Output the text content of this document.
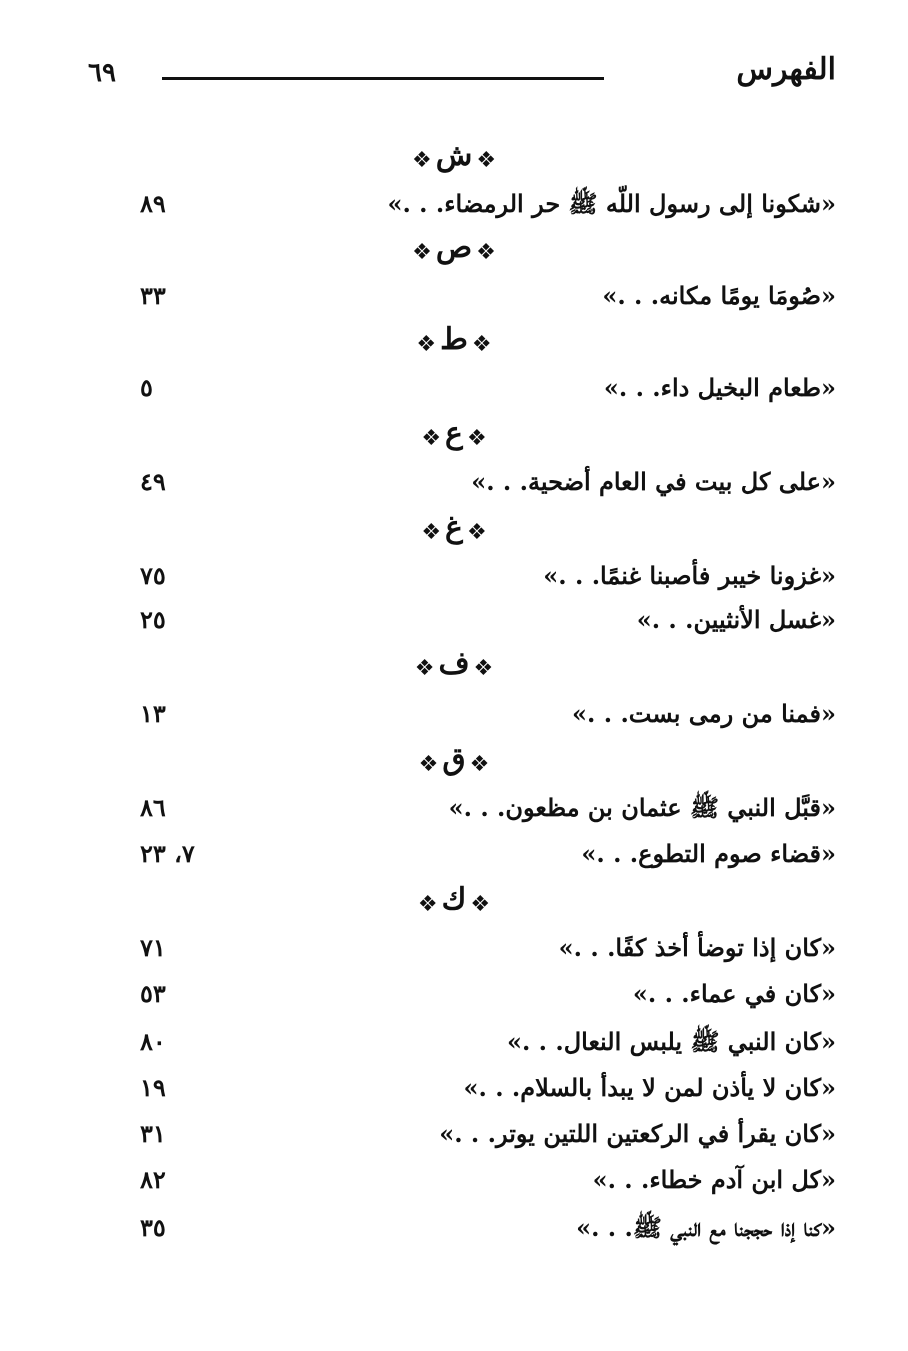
الفهرس
٦٩
❖ ش ❖
«شكونا إلى رسول اللّه ﷺ حر الرمضاء. . .»
٨٩
❖ ص ❖
«صُومَا يومًا مكانه. . .»
٣٣
❖ ط ❖
«طعام البخيل داء. . .»
٥
❖ ع ❖
«على كل بيت في العام أضحية. . .»
٤٩
❖ غ ❖
«غزونا خيبر فأصبنا غنمًا. . .»
٧٥
«غسل الأنثيين. . .»
٢٥
❖ ف ❖
«فمنا من رمى بست. . .»
١٣
❖ ق ❖
«قبَّل النبي ﷺ عثمان بن مظعون. . .»
٨٦
«قضاء صوم التطوع. . .»
٧، ٢٣
❖ ك ❖
«كان إذا توضأ أخذ كفًا. . .»
٧١
«كان في عماء. . .»
٥٣
«كان النبي ﷺ يلبس النعال. . .»
٨٠
«كان لا يأذن لمن لا يبدأ بالسلام. . .»
١٩
«كان يقرأ في الركعتين اللتين يوتر. . .»
٣١
«كل ابن آدم خطاء. . .»
٨٢
«كنا إذا حججنا مع النبي ﷺ. . .»
٣٥
